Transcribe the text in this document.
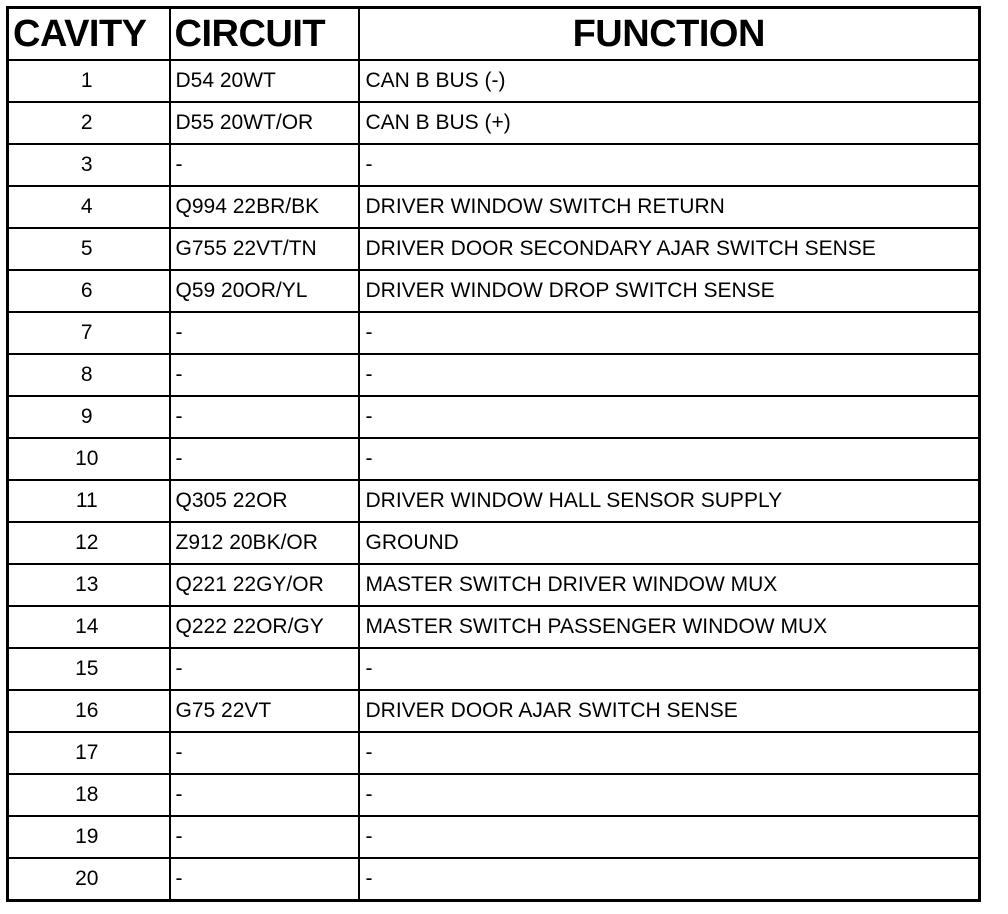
CAVITY	CIRCUIT	FUNCTION
1	D54 20WT	CAN B BUS (-)
2	D55 20WT/OR	CAN B BUS (+)
3	-	-
4	Q994 22BR/BK	DRIVER WINDOW SWITCH RETURN
5	G755 22VT/TN	DRIVER DOOR SECONDARY AJAR SWITCH SENSE
6	Q59 20OR/YL	DRIVER WINDOW DROP SWITCH SENSE
7	-	-
8	-	-
9	-	-
10	-	-
11	Q305 22OR	DRIVER WINDOW HALL SENSOR SUPPLY
12	Z912 20BK/OR	GROUND
13	Q221 22GY/OR	MASTER SWITCH DRIVER WINDOW MUX
14	Q222 22OR/GY	MASTER SWITCH PASSENGER WINDOW MUX
15	-	-
16	G75 22VT	DRIVER DOOR AJAR SWITCH SENSE
17	-	-
18	-	-
19	-	-
20	-	-
